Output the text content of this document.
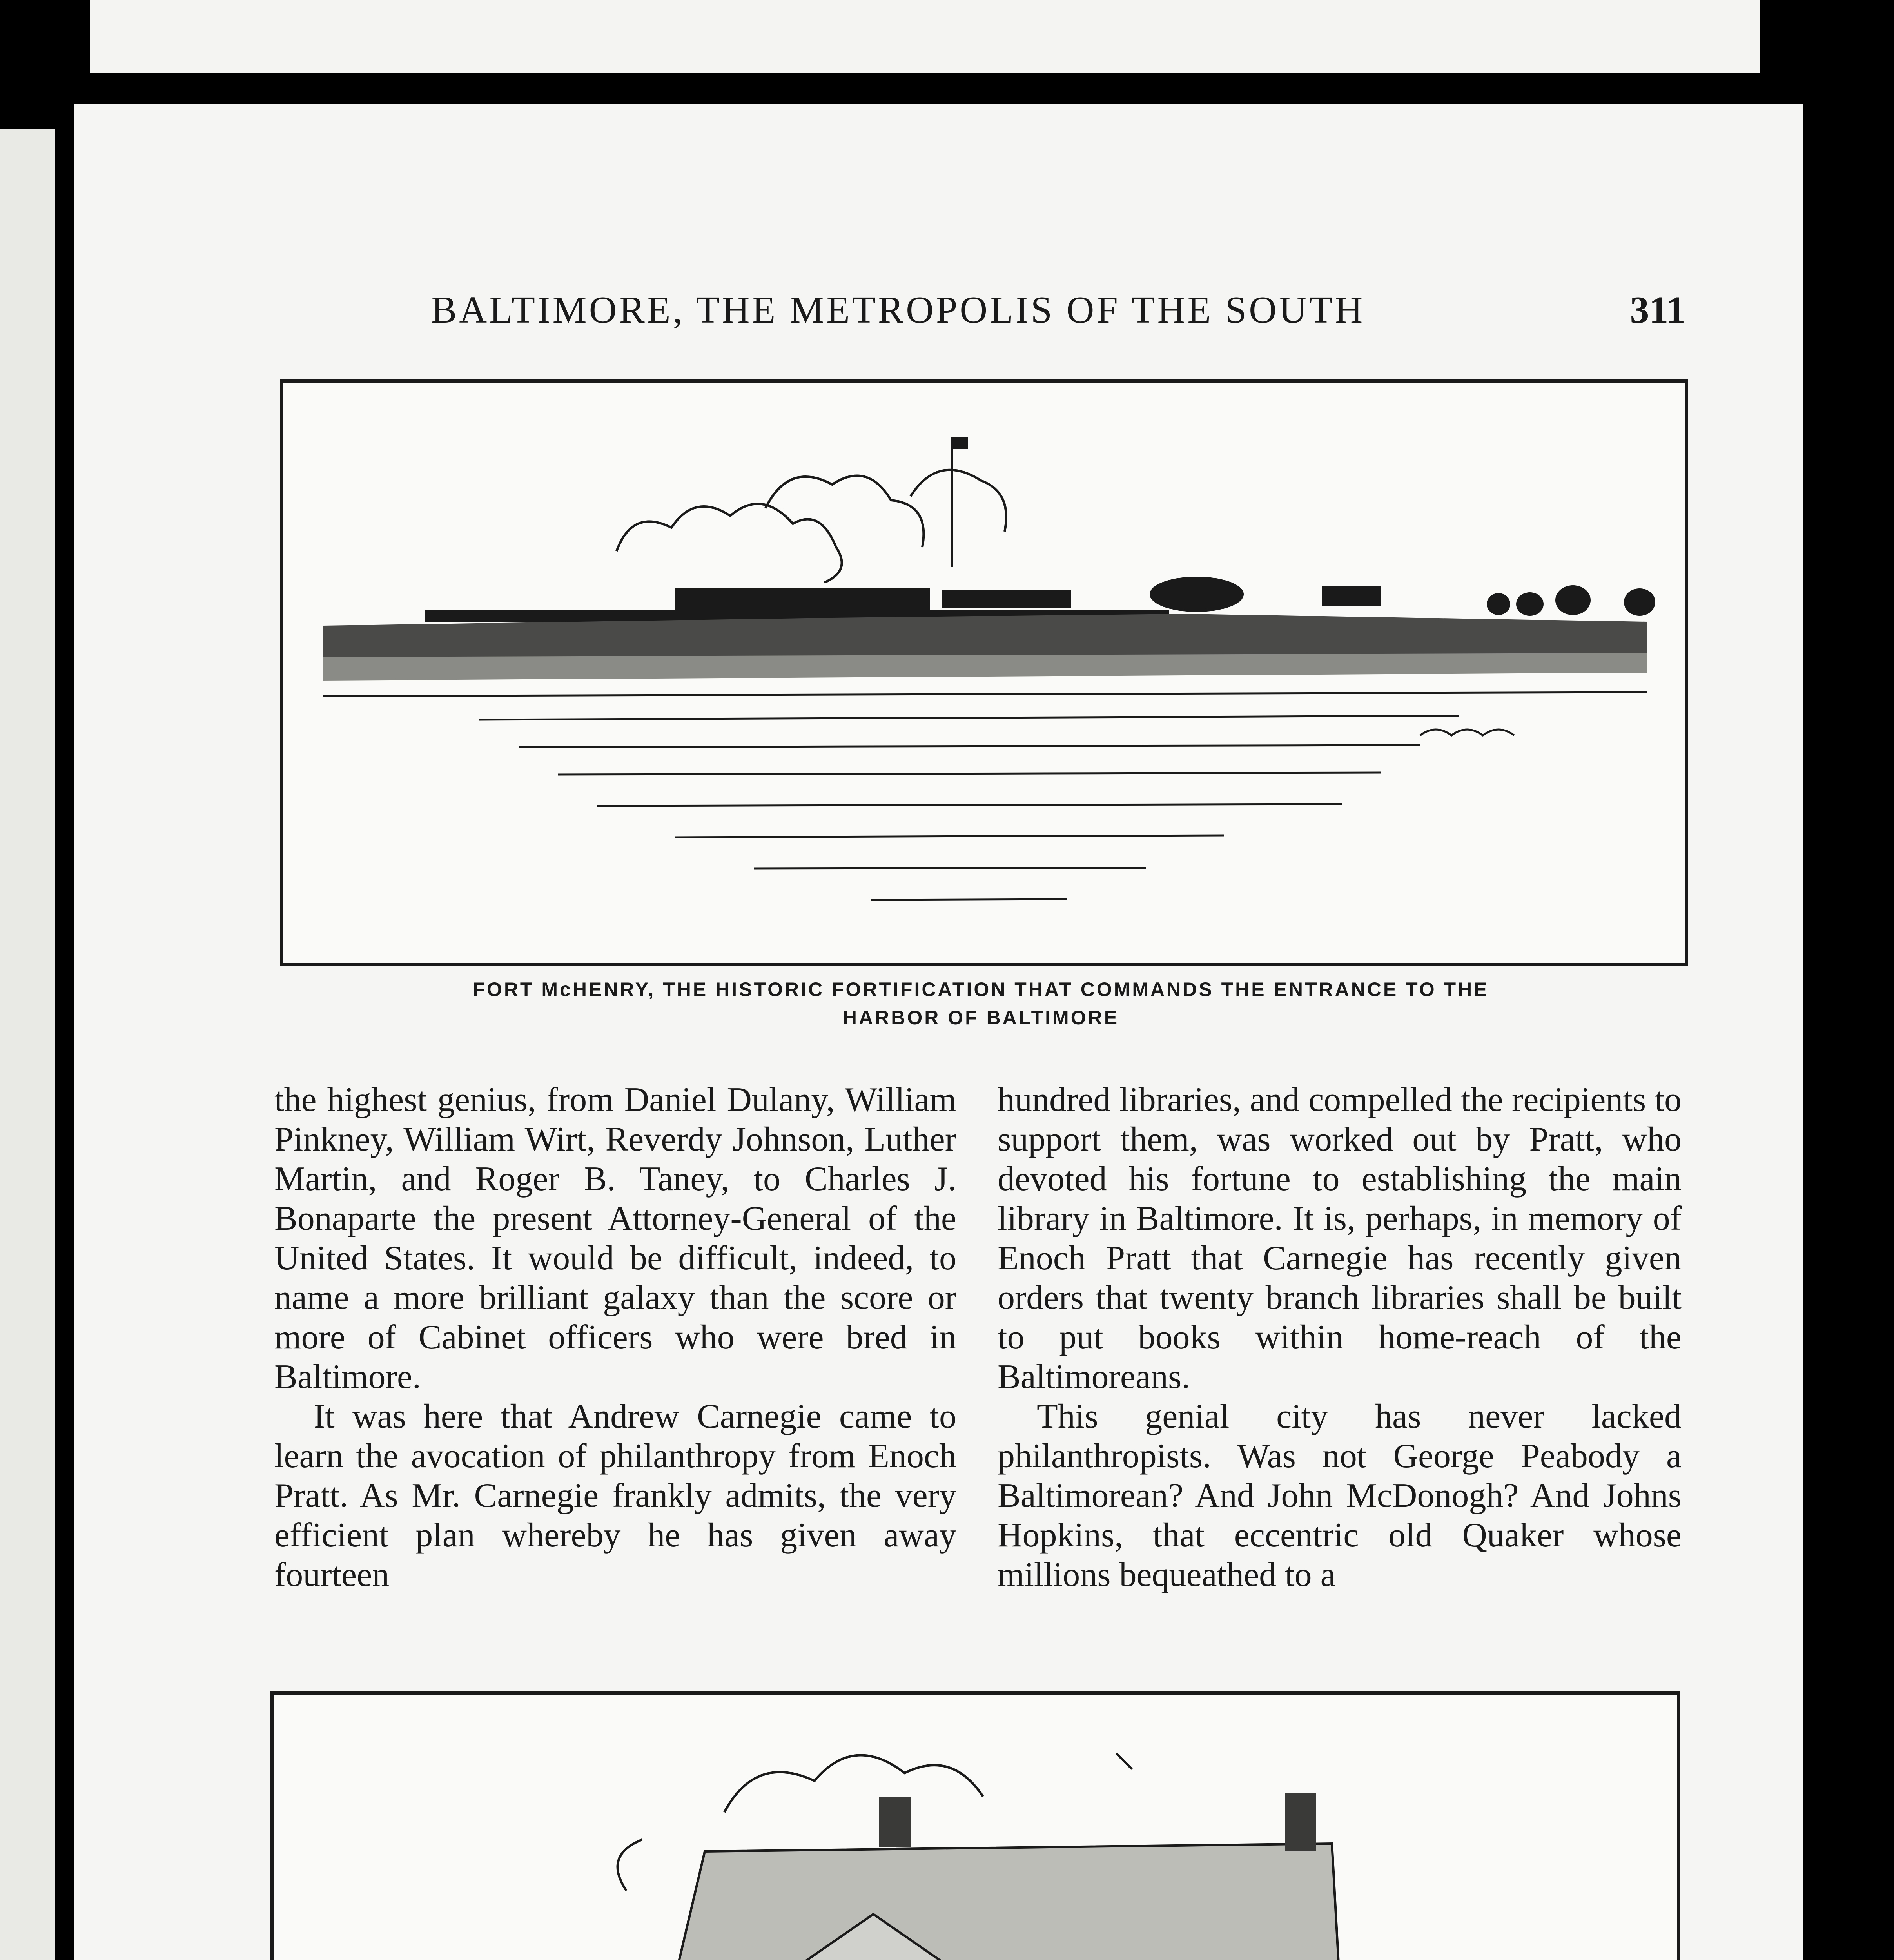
BALTIMORE, THE METROPOLIS OF THE SOUTH	311
FORT McHENRY, THE HISTORIC FORTIFICATION THAT COMMANDS THE ENTRANCE TO THE
HARBOR OF BALTIMORE

the highest genius, from Daniel Dulany, William Pinkney, William Wirt, Reverdy Johnson, Luther Martin, and Roger B. Taney, to Charles J. Bonaparte the present Attorney-General of the United States. It would be difficult, indeed, to name a more brilliant galaxy than the score or more of Cabinet officers who were bred in Baltimore.

It was here that Andrew Carnegie came to learn the avocation of philanthropy from Enoch Pratt. As Mr. Carnegie frankly admits, the very efficient plan whereby he has given away fourteen

hundred libraries, and compelled the recipients to support them, was worked out by Pratt, who devoted his fortune to establishing the main library in Baltimore. It is, perhaps, in memory of Enoch Pratt that Carnegie has recently given orders that twenty branch libraries shall be built to put books within home-reach of the Baltimoreans.

This genial city has never lacked philanthropists. Was not George Peabody a Baltimorean? And John McDonogh? And Johns Hopkins, that eccentric old Quaker whose millions bequeathed to a
